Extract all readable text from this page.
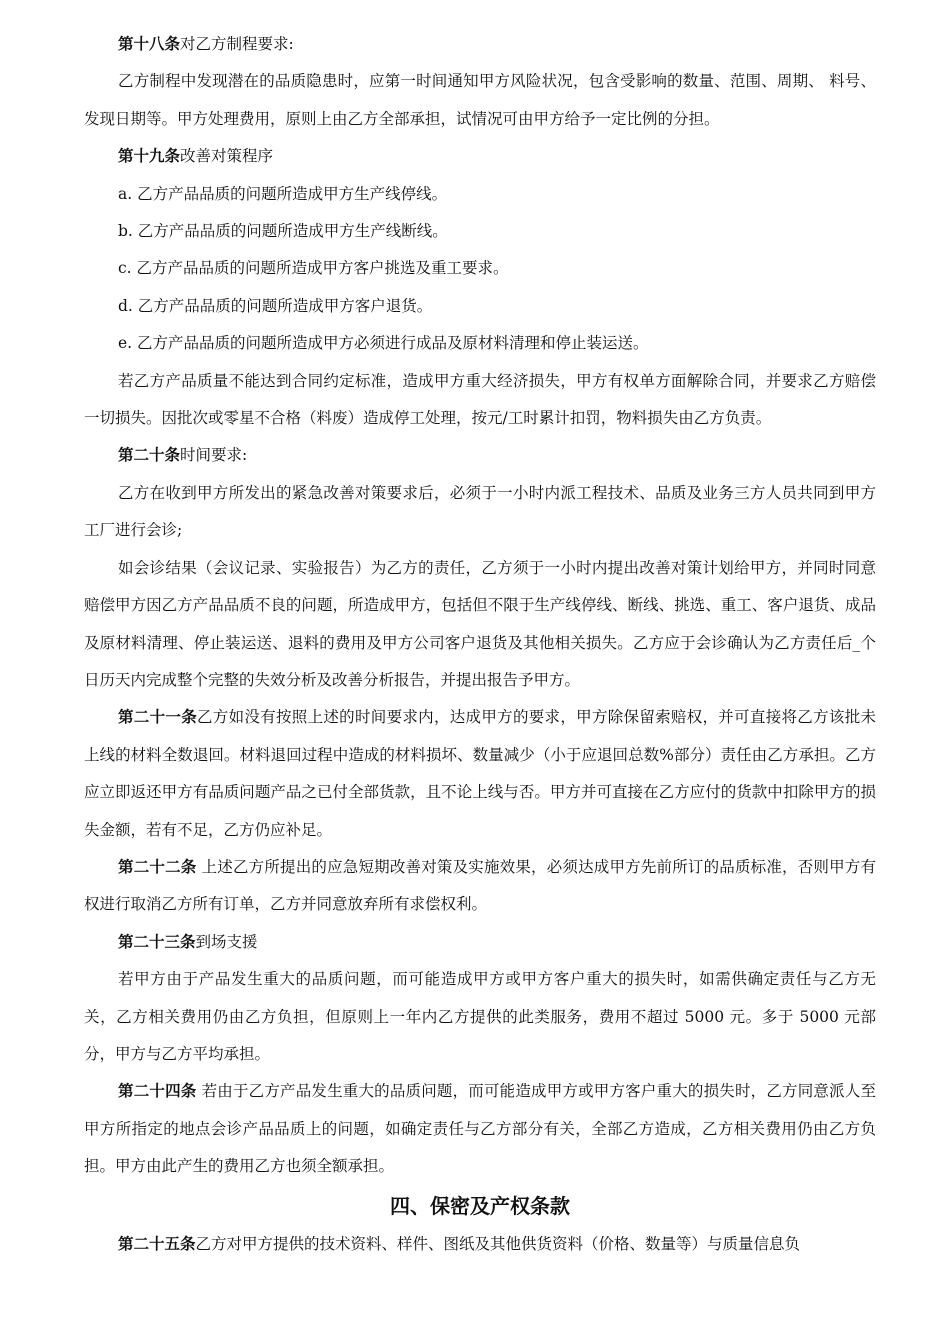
第十八条对乙方制程要求:

乙方制程中发现潜在的品质隐患时，应第一时间通知甲方风险状况，包含受影响的数量、范围、周期、 料号、发现日期等。甲方处理费用，原则上由乙方全部承担，试情况可由甲方给予一定比例的分担。

第十九条改善对策程序

a. 乙方产品品质的问题所造成甲方生产线停线。

b. 乙方产品品质的问题所造成甲方生产线断线。

c. 乙方产品品质的问题所造成甲方客户挑选及重工要求。

d. 乙方产品品质的问题所造成甲方客户退货。

e. 乙方产品品质的问题所造成甲方必须进行成品及原材料清理和停止装运送。

若乙方产品质量不能达到合同约定标准，造成甲方重大经济损失，甲方有权单方面解除合同，并要求乙方赔偿一切损失。因批次或零星不合格（料废）造成停工处理，按元/工时累计扣罚，物料损失由乙方负责。

第二十条时间要求:

乙方在收到甲方所发出的紧急改善对策要求后，必须于一小时内派工程技术、品质及业务三方人员共同到甲方工厂进行会诊;

如会诊结果（会议记录、实验报告）为乙方的责任，乙方须于一小时内提出改善对策计划给甲方，并同时同意赔偿甲方因乙方产品品质不良的问题，所造成甲方，包括但不限于生产线停线、断线、挑选、重工、客户退货、成品及原材料清理、停止装运送、退料的费用及甲方公司客户退货及其他相关损失。乙方应于会诊确认为乙方责任后_个日历天内完成整个完整的失效分析及改善分析报告，并提出报告予甲方。

第二十一条乙方如没有按照上述的时间要求内，达成甲方的要求，甲方除保留索赔权，并可直接将乙方该批未上线的材料全数退回。材料退回过程中造成的材料损坏、数量减少（小于应退回总数%部分）责任由乙方承担。乙方应立即返还甲方有品质问题产品之已付全部货款，且不论上线与否。甲方并可直接在乙方应付的货款中扣除甲方的损失金额，若有不足，乙方仍应补足。

第二十二条 上述乙方所提出的应急短期改善对策及实施效果，必须达成甲方先前所订的品质标准，否则甲方有权进行取消乙方所有订单，乙方并同意放弃所有求偿权利。

第二十三条到场支援

若甲方由于产品发生重大的品质问题，而可能造成甲方或甲方客户重大的损失时，如需供确定责任与乙方无关，乙方相关费用仍由乙方负担，但原则上一年内乙方提供的此类服务，费用不超过 5000 元。多于 5000 元部分，甲方与乙方平均承担。

第二十四条 若由于乙方产品发生重大的品质问题，而可能造成甲方或甲方客户重大的损失时，乙方同意派人至甲方所指定的地点会诊产品品质上的问题，如确定责任与乙方部分有关，全部乙方造成，乙方相关费用仍由乙方负担。甲方由此产生的费用乙方也须全额承担。

四、保密及产权条款

第二十五条乙方对甲方提供的技术资料、样件、图纸及其他供货资料（价格、数量等）与质量信息负
